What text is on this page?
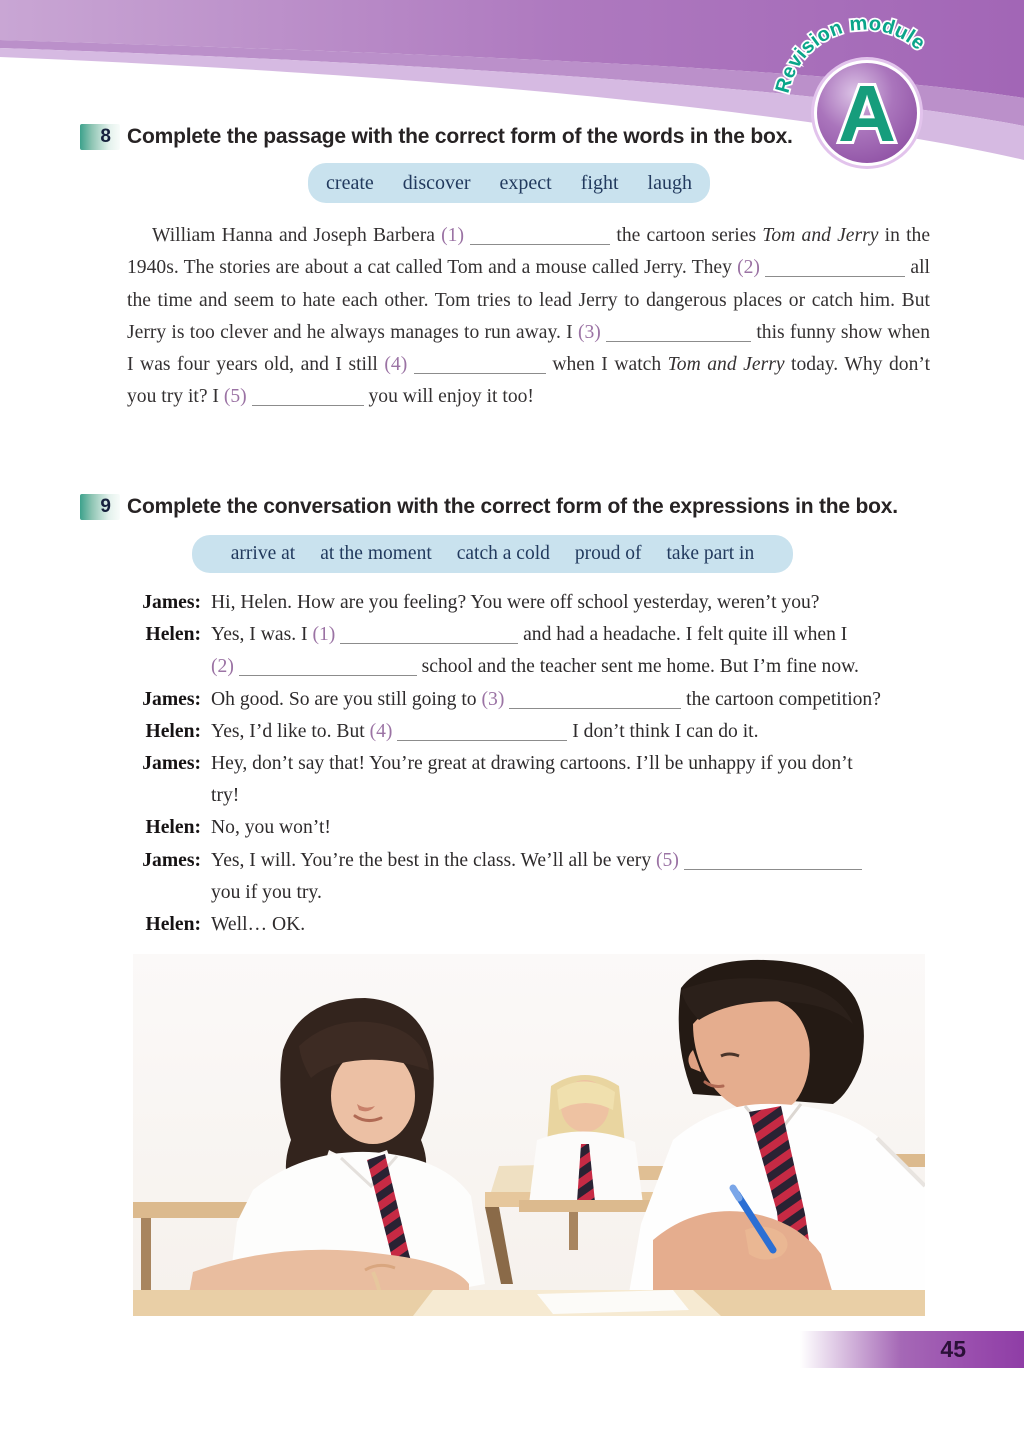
A
Revision module
8 Complete the passage with the correct form of the words in the box.
create discover expect fight laugh
William Hanna and Joseph Barbera (1)	the cartoon series Tom and Jerry in the 1940s. The stories are about a cat called Tom and a mouse called Jerry. They (2)	all the time and seem to hate each other. Tom tries to lead Jerry to dangerous places or catch him. But Jerry is too clever and he always manages to run away. I (3)	this funny show when I was four years old, and I still (4)	when I watch Tom and Jerry today. Why don’t you try it? I (5)	you will enjoy it too!
9 Complete the conversation with the correct form of the expressions in the box.
arrive at at the moment catch a cold proud of take part in
James: Hi, Helen. How are you feeling? You were off school yesterday, weren’t you?
Helen: Yes, I was. I (1)	and had a headache. I felt quite ill when I
(2)	school and the teacher sent me home. But I’m fine now.
James: Oh good. So are you still going to (3)	the cartoon competition?
Helen: Yes, I’d like to. But (4)	I don’t think I can do it.
James: Hey, don’t say that! You’re great at drawing cartoons. I’ll be unhappy if you don’t
try!
Helen: No, you won’t!
James: Yes, I will. You’re the best in the class. We’ll all be very (5)
you if you try.
Helen: Well… OK.
45
